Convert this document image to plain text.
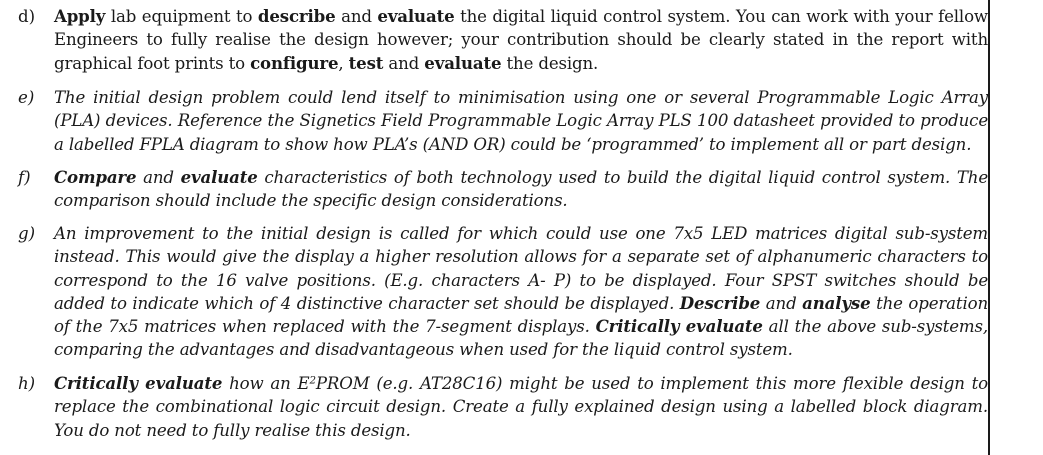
d) Apply lab equipment to describe and evaluate the digital liquid control system. You can work with your fellow Engineers to fully realise the design however; your contribution should be clearly stated in the report with graphical foot prints to configure, test and evaluate the design.
e) The initial design problem could lend itself to minimisation using one or several Programmable Logic Array (PLA) devices. Reference the Signetics Field Programmable Logic Array PLS 100 datasheet provided to produce a labelled FPLA diagram to show how PLA’s (AND OR) could be ‘programmed’ to implement all or part design.
f) Compare and evaluate characteristics of both technology used to build the digital liquid control system. The comparison should include the specific design considerations.
g) An improvement to the initial design is called for which could use one 7x5 LED matrices digital sub-system instead. This would give the display a higher resolution allows for a separate set of alphanumeric characters to correspond to the 16 valve positions. (E.g. characters A- P) to be displayed. Four SPST switches should be added to indicate which of 4 distinctive character set should be displayed. Describe and analyse the operation of the 7x5 matrices when replaced with the 7-segment displays. Critically evaluate all the above sub-systems, comparing the advantages and disadvantageous when used for the liquid control system.
h) Critically evaluate how an $E^2PROM$ (e.g. AT28C16) might be used to implement this more flexible design to replace the combinational logic circuit design. Create a fully explained design using a labelled block diagram. You do not need to fully realise this design.
